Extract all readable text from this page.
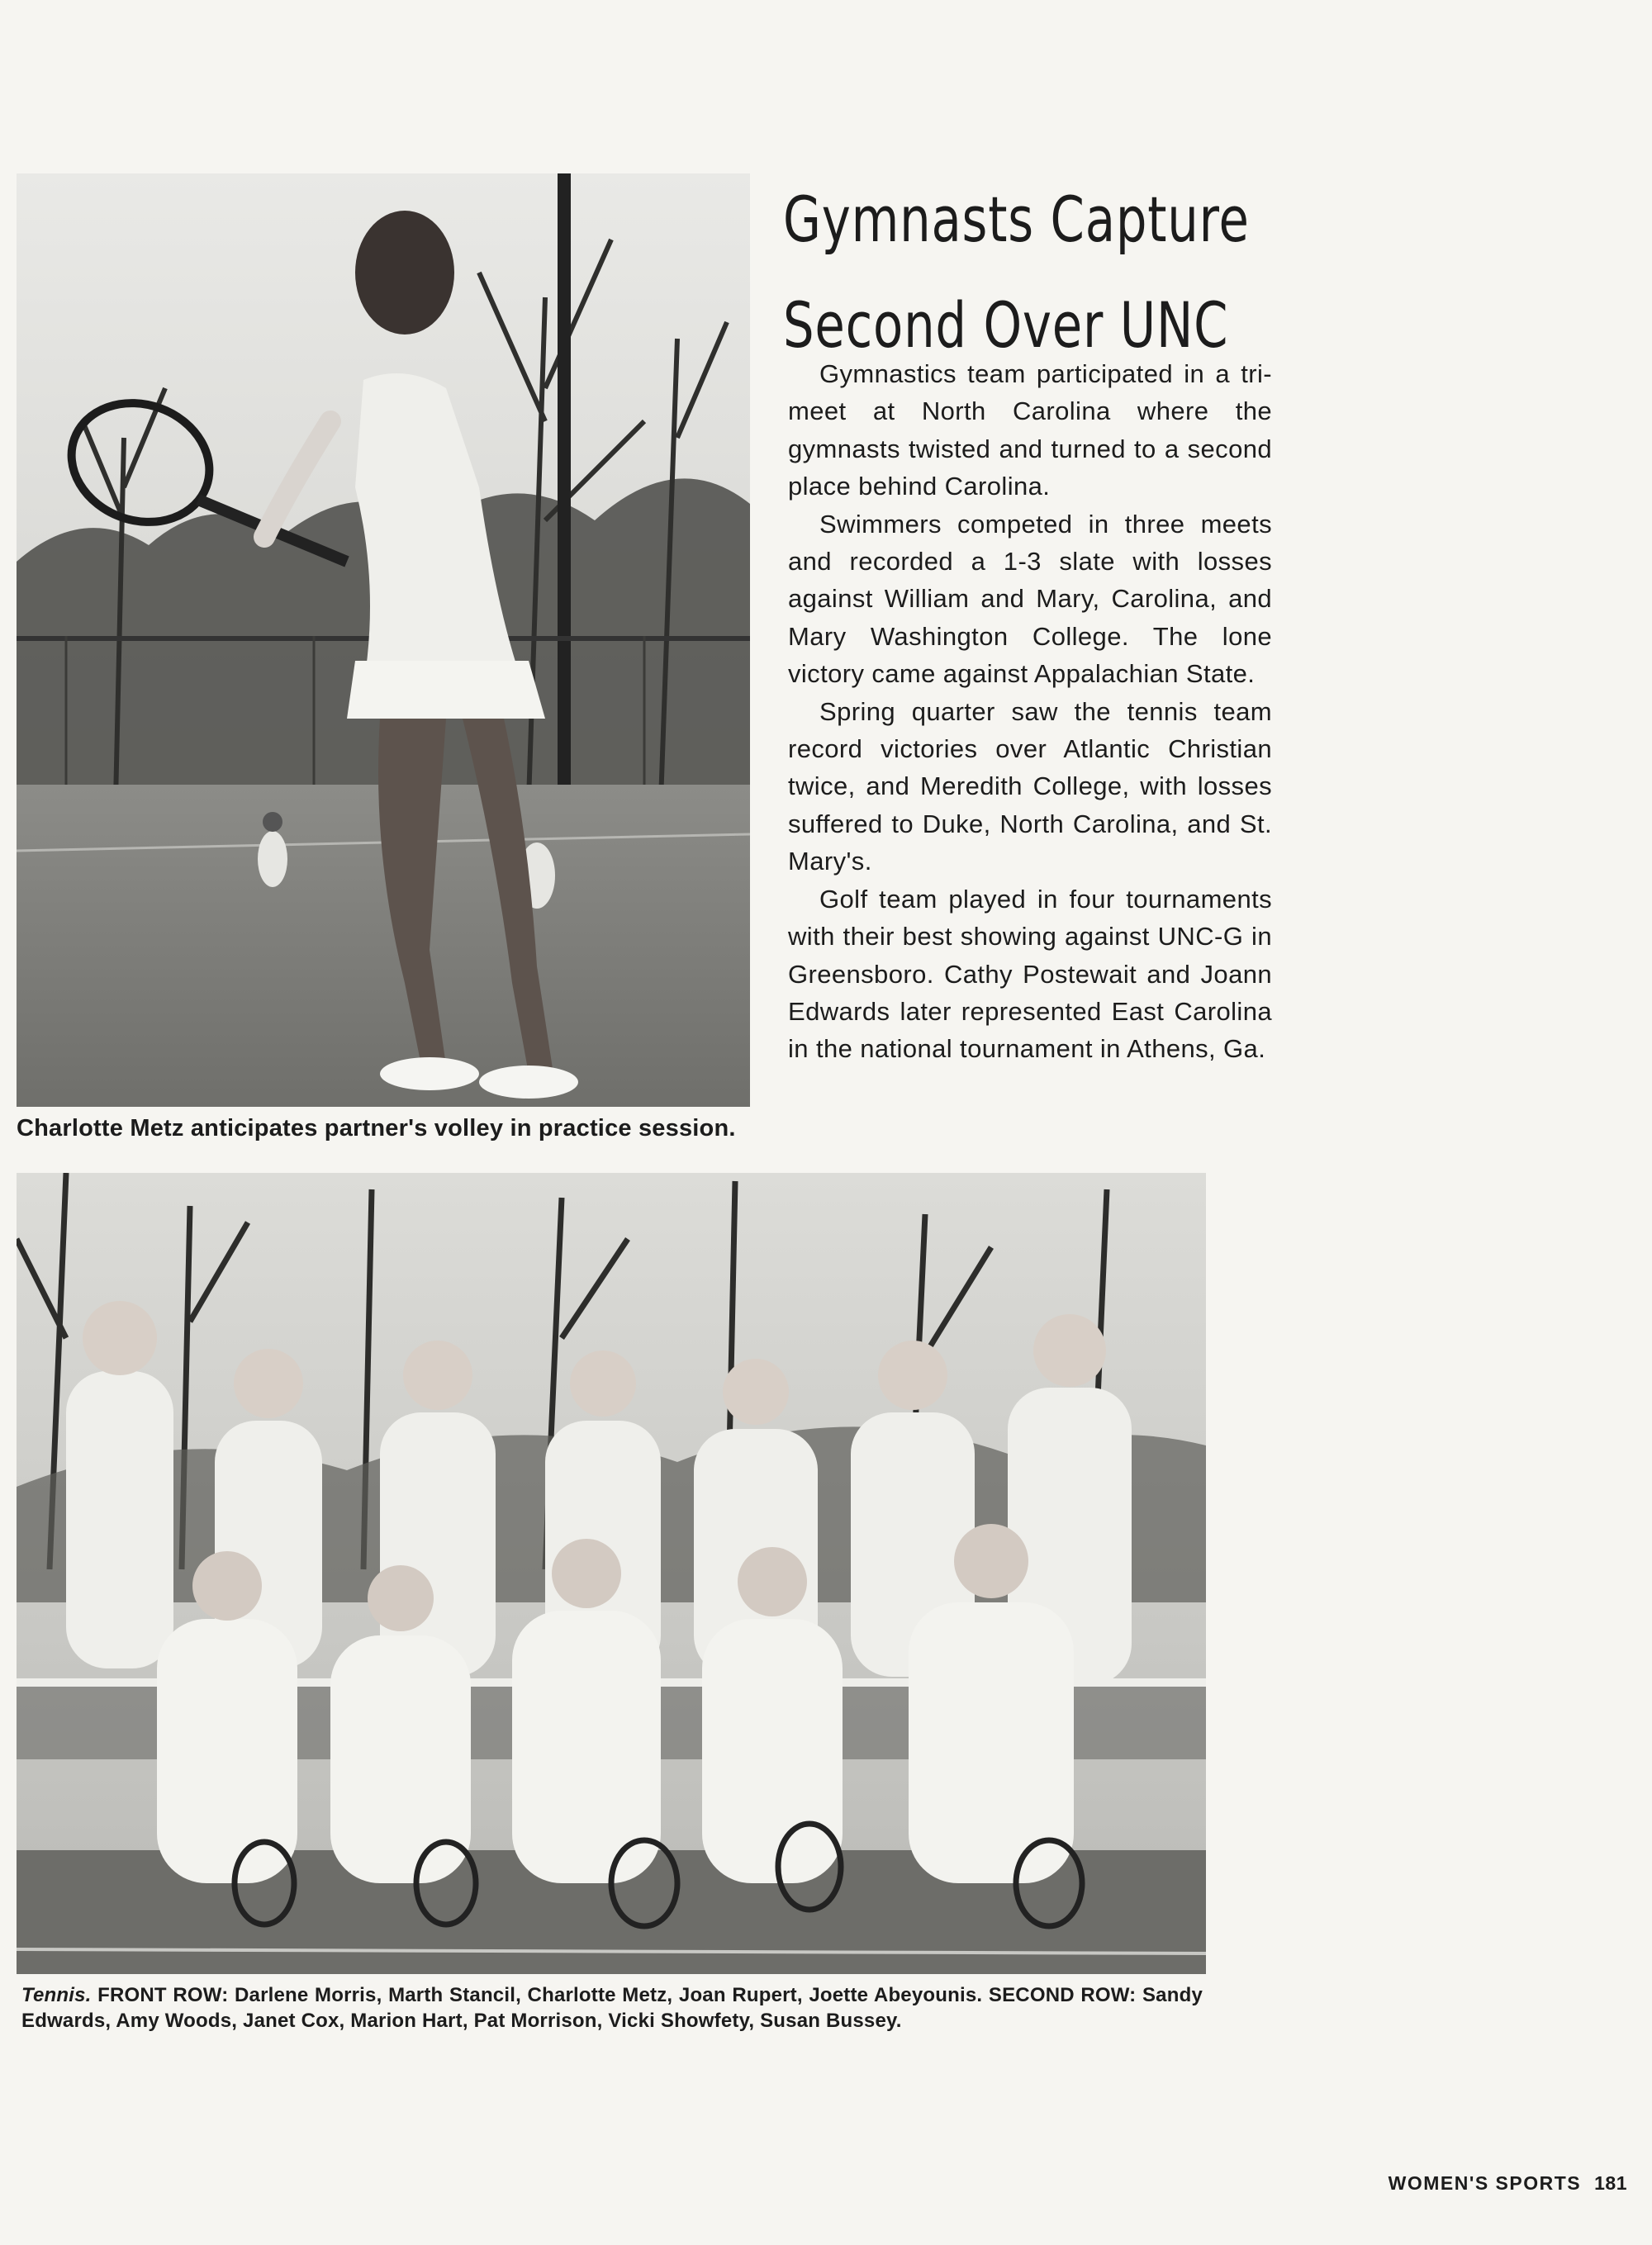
Charlotte Metz anticipates partner's volley in practice session.
Gymnasts Capture
Second Over UNC

Gymnastics team participated in a tri-meet at North Carolina where the gymnasts twisted and turned to a second place behind Carolina.

Swimmers competed in three meets and recorded a 1-3 slate with losses against William and Mary, Carolina, and Mary Washington College. The lone victory came against Appalachian State.

Spring quarter saw the tennis team record victories over Atlantic Christian twice, and Meredith College, with losses suffered to Duke, North Carolina, and St. Mary's.

Golf team played in four tournaments with their best showing against UNC-G in Greensboro. Cathy Postewait and Joann Edwards later represented East Carolina in the national tournament in Athens, Ga.

Tennis. FRONT ROW: Darlene Morris, Marth Stancil, Charlotte Metz, Joan Rupert, Joette Abeyounis. SECOND ROW: Sandy Edwards, Amy Woods, Janet Cox, Marion Hart, Pat Morrison, Vicki Showfety, Susan Bussey.
WOMEN'S SPORTS 181
